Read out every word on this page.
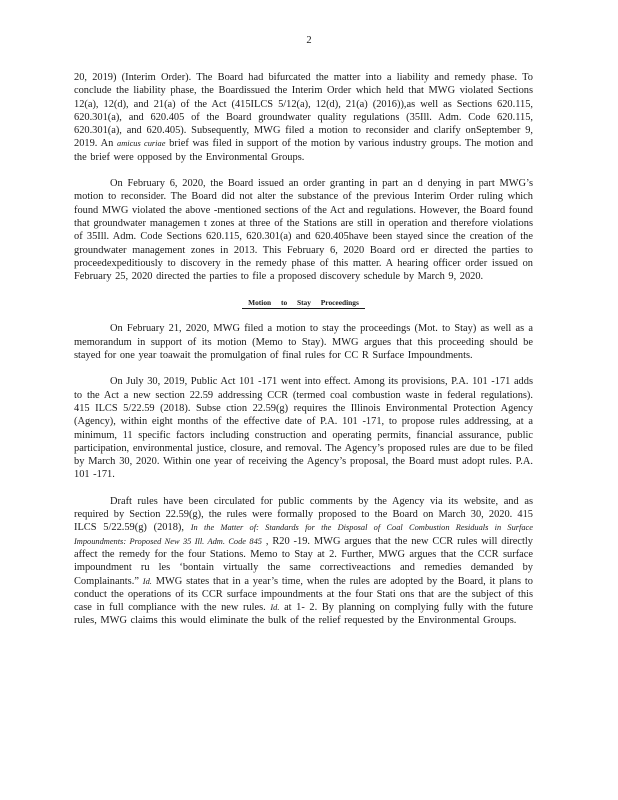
2

20, 2019) (Interim Order). The Board had bifurcated the matter into a liability and remedy phase. To conclude the liability phase, the Boardissued the Interim Order which held that MWG violated Sections 12(a), 12(d), and 21(a) of the Act (415ILCS 5/12(a), 12(d), 21(a) (2016)),as well as Sections 620.115, 620.301(a), and 620.405 of the Board groundwater quality regulations (35Ill. Adm. Code 620.115, 620.301(a), and 620.405). Subsequently, MWG filed a motion to reconsider and clarify onSeptember 9, 2019. An amicus curiae brief was filed in support of the motion by various industry groups. The motion and the brief were opposed by the Environmental Groups.

On February 6, 2020, the Board issued an order granting in part an d denying in part MWG’s motion to reconsider. The Board did not alter the substance of the previous Interim Order ruling which found MWG violated the above -mentioned sections of the Act and regulations. However, the Board found that groundwater managemen t zones at three of the Stations are still in operation and therefore violations of 35Ill. Adm. Code Sections 620.115, 620.301(a) and 620.405have been stayed since the creation of the groundwater management zones in 2013. This February 6, 2020 Board ord er directed the parties to proceedexpeditiously to discovery in the remedy phase of this matter. A hearing officer order issued on February 25, 2020 directed the parties to file a proposed discovery schedule by March 9, 2020.

Motion to Stay Proceedings

On February 21, 2020, MWG filed a motion to stay the proceedings (Mot. to Stay) as well as a memorandum in support of its motion (Memo to Stay). MWG argues that this proceeding should be stayed for one year toawait the promulgation of final rules for CC R Surface Impoundments.

On July 30, 2019, Public Act 101 -171 went into effect. Among its provisions, P.A. 101 -171 adds to the Act a new section 22.59 addressing CCR (termed coal combustion waste in federal regulations). 415 ILCS 5/22.59 (2018). Subse ction 22.59(g) requires the Illinois Environmental Protection Agency (Agency), within eight months of the effective date of P.A. 101 -171, to propose rules addressing, at a minimum, 11 specific factors including construction and operating permits, financial assurance, public participation, environmental justice, closure, and removal. The Agency’s proposed rules are due to be filed by March 30, 2020. Within one year of receiving the Agency’s proposal, the Board must adopt rules. P.A. 101 -171.

Draft rules have been circulated for public comments by the Agency via its website, and as required by Section 22.59(g), the rules were formally proposed to the Board on March 30, 2020. 415 ILCS 5/22.59(g) (2018), In the Matter of: Standards for the Disposal of Coal Combustion Residuals in Surface Impoundments: Proposed New 35 Ill. Adm. Code 845 , R20 -19. MWG argues that the new CCR rules will directly affect the remedy for the four Stations. Memo to Stay at 2. Further, MWG argues that the CCR surface impoundment ru les ‘bontain virtually the same correctiveactions and remedies demanded by Complainants.” Id. MWG states that in a year’s time, when the rules are adopted by the Board, it plans to conduct the operations of its CCR surface impoundments at the four Stati ons that are the subject of this case in full compliance with the new rules. Id. at 1- 2. By planning on complying fully with the future rules, MWG claims this would eliminate the bulk of the relief requested by the Environmental Groups.
